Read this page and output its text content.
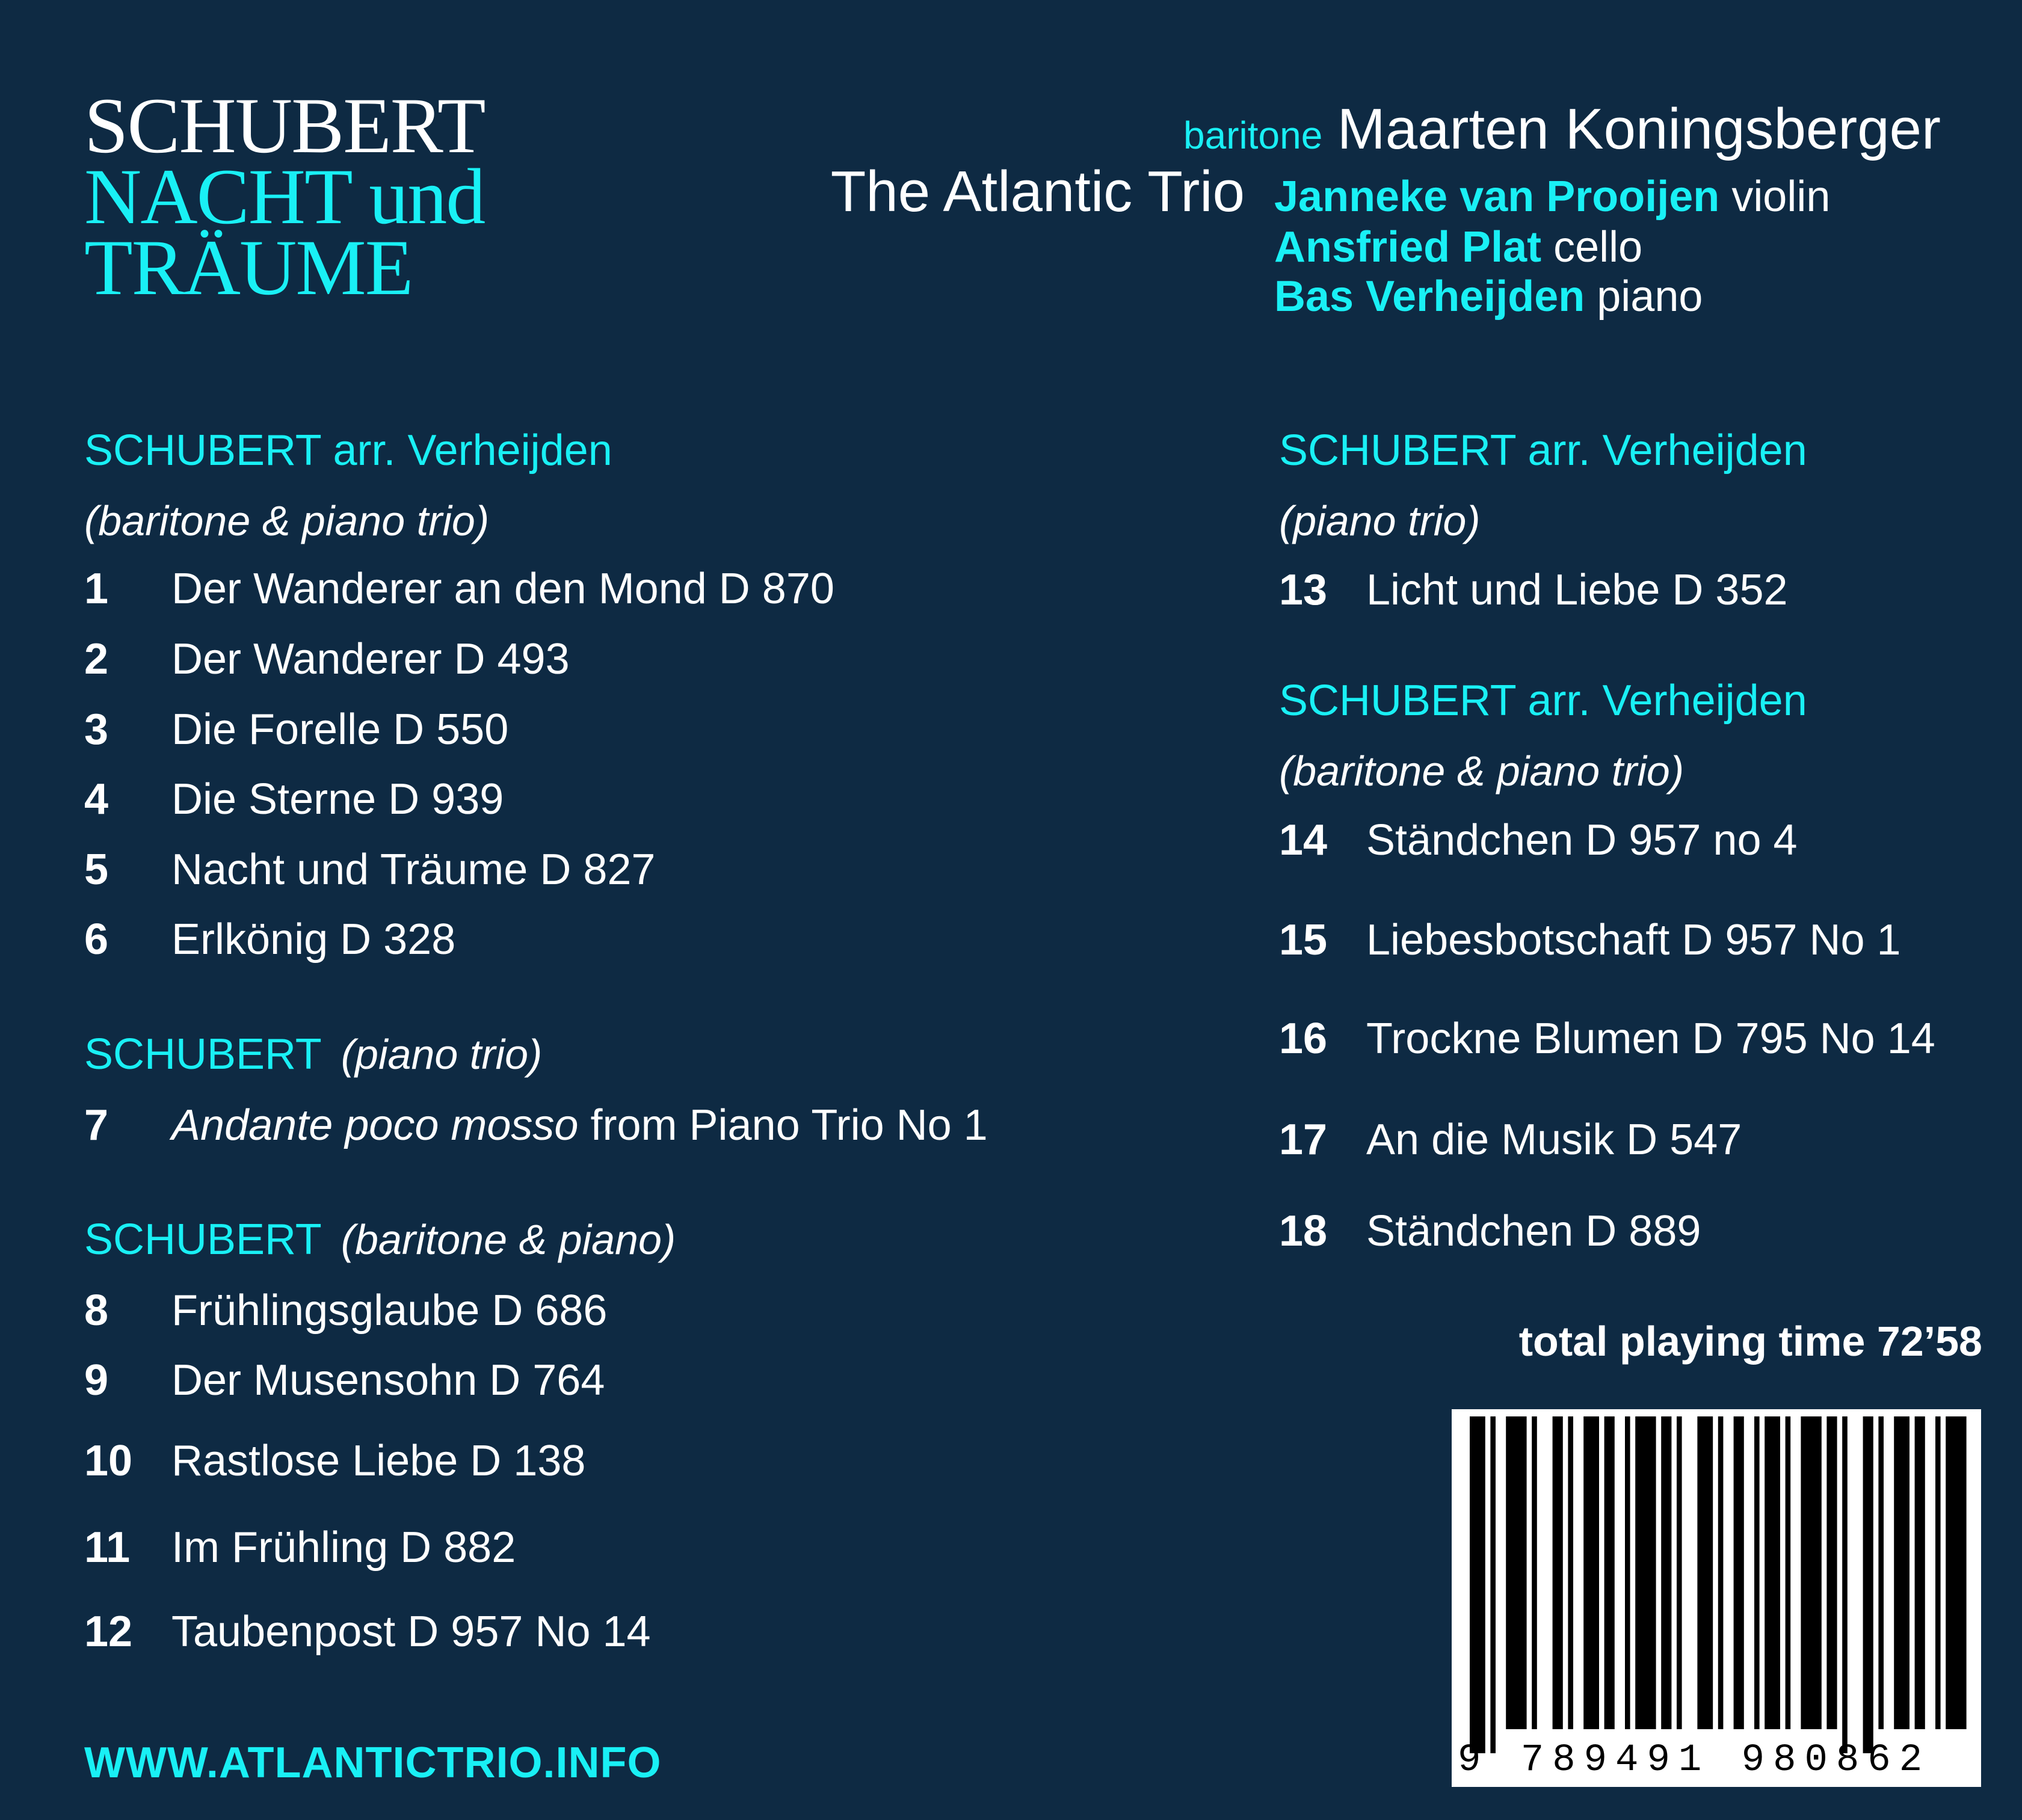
SCHUBERT
NACHT und
TRÄUME
baritone Maarten Koningsberger
The Atlantic Trio Janneke van Prooijen violin
Ansfried Plat cello
Bas Verheijden piano
SCHUBERT arr. Verheijden
(baritone & piano trio)
1 Der Wanderer an den Mond D 870
2 Der Wanderer D 493
3 Die Forelle D 550
4 Die Sterne D 939
5 Nacht und Träume D 827
6 Erlkönig D 328
SCHUBERT (piano trio)
7 Andante poco mosso from Piano Trio No 1
SCHUBERT (baritone & piano)
8 Frühlingsglaube D 686
9 Der Musensohn D 764
10 Rastlose Liebe D 138
11 Im Frühling D 882
12 Taubenpost D 957 No 14
SCHUBERT arr. Verheijden
(piano trio)
13 Licht und Liebe D 352
SCHUBERT arr. Verheijden
(baritone & piano trio)
14 Ständchen D 957 no 4
15 Liebesbotschaft D 957 No 1
16 Trockne Blumen D 795 No 14
17 An die Musik D 547
18 Ständchen D 889
total playing time 72’58
9 789491 980862
WWW.ATLANTICTRIO.INFO
